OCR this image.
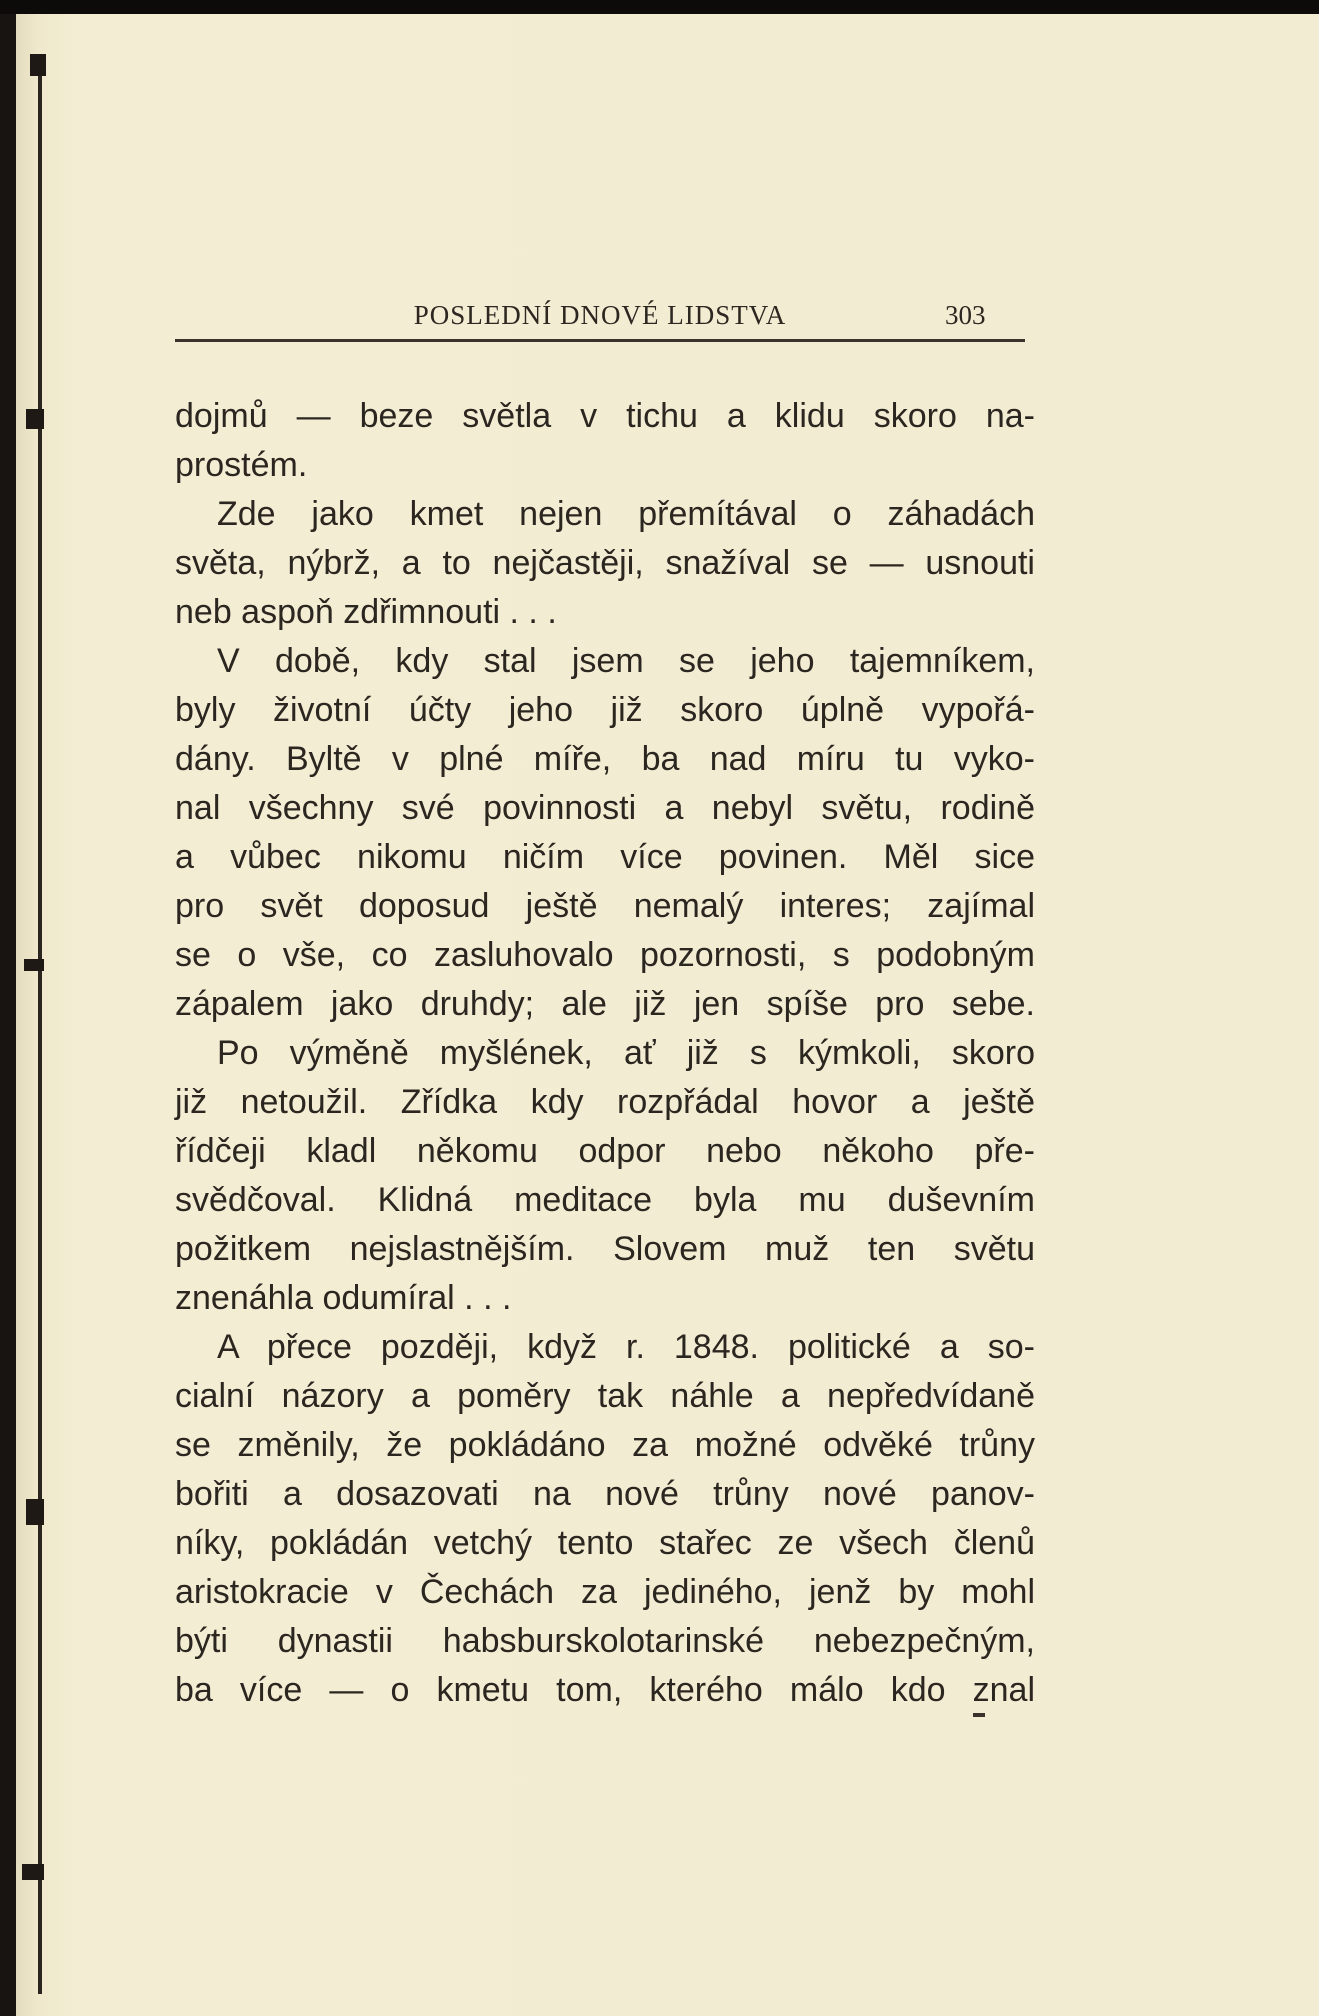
POSLEDNÍ DNOVÉ LIDSTVA	303
dojmů — beze světla v tichu a klidu skoro na-
prostém.
Zde jako kmet nejen přemítával o záhadách
světa, nýbrž, a to nejčastěji, snažíval se — usnouti
neb aspoň zdřimnouti . . .
V době, kdy stal jsem se jeho tajemníkem,
byly životní účty jeho již skoro úplně vypořá-
dány. Byltě v plné míře, ba nad míru tu vyko-
nal všechny své povinnosti a nebyl světu, rodině
a vůbec nikomu ničím více povinen. Měl sice
pro svět doposud ještě nemalý interes; zajímal
se o vše, co zasluhovalo pozornosti, s podobným
zápalem jako druhdy; ale již jen spíše pro sebe.
Po výměně myšlének, ať již s kýmkoli, skoro
již netoužil. Zřídka kdy rozpřádal hovor a ještě
řídčeji kladl někomu odpor nebo někoho pře-
svědčoval. Klidná meditace byla mu duševním
požitkem nejslastnějším. Slovem muž ten světu
znenáhla odumíral . . .
A přece později, když r. 1848. politické a so-
cialní názory a poměry tak náhle a nepředvídaně
se změnily, že pokládáno za možné odvěké trůny
bořiti a dosazovati na nové trůny nové panov-
níky, pokládán vetchý tento stařec ze všech členů
aristokracie v Čechách za jediného, jenž by mohl
býti dynastii habsburskolotarinské nebezpečným,
ba více — o kmetu tom, kterého málo kdo znal
